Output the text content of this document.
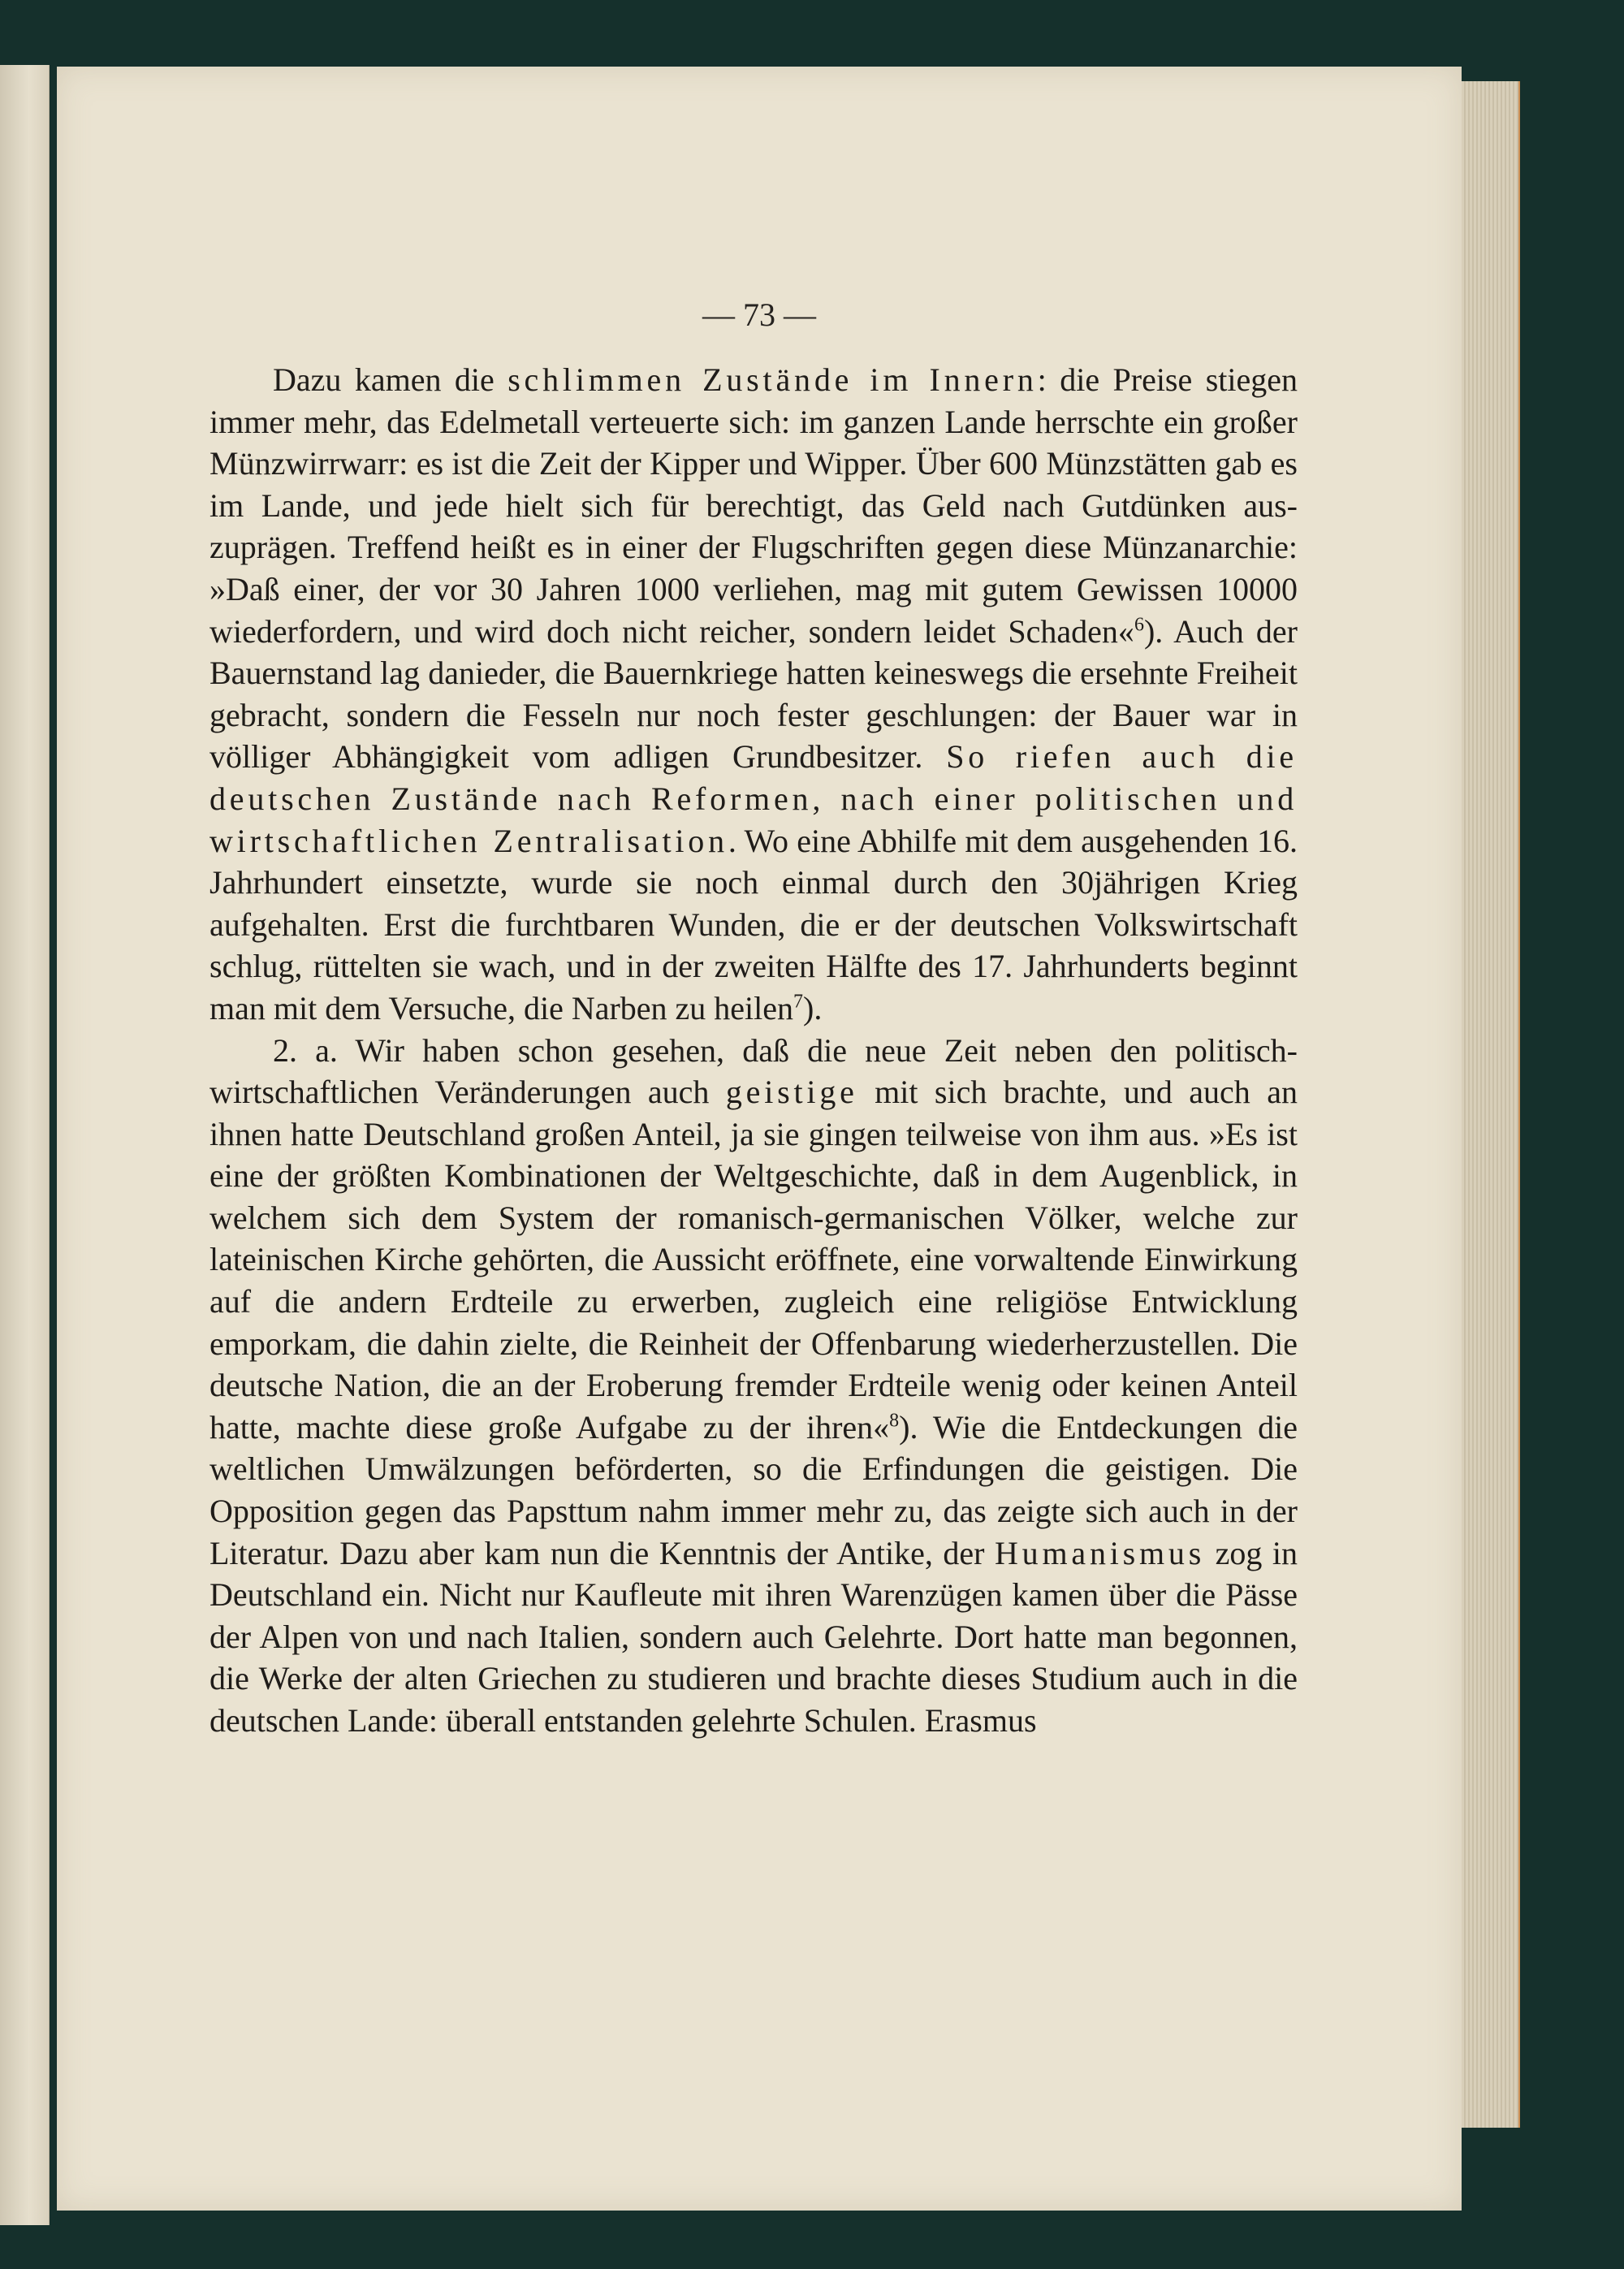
— 73 —

Dazu kamen die schlimmen Zustände im Innern: die Preise stiegen immer mehr, das Edelmetall verteuerte sich: im ganzen Lande herrschte ein großer Münzwirrwarr: es ist die Zeit der Kipper und Wipper. Über 600 Münzstätten gab es im Lande, und jede hielt sich für berechtigt, das Geld nach Gutdünken auszuprägen. Treffend heißt es in einer der Flugschriften gegen diese Münzanarchie: »Daß einer, der vor 30 Jahren 1000 verliehen, mag mit gutem Gewissen 10000 wiederfordern, und wird doch nicht reicher, sondern leidet Schaden«$^6$). Auch der Bauernstand lag danieder, die Bauernkriege hatten keineswegs die ersehnte Freiheit gebracht, sondern die Fesseln nur noch fester geschlungen: der Bauer war in völliger Abhängigkeit vom adligen Grundbesitzer. So riefen auch die deutschen Zustände nach Reformen, nach einer politischen und wirtschaftlichen Zentralisation. Wo eine Abhilfe mit dem ausgehenden 16. Jahrhundert einsetzte, wurde sie noch einmal durch den 30jährigen Krieg aufgehalten. Erst die furchtbaren Wunden, die er der deutschen Volkswirtschaft schlug, rüttelten sie wach, und in der zweiten Hälfte des 17. Jahrhunderts beginnt man mit dem Versuche, die Narben zu heilen$^7$).

2. a. Wir haben schon gesehen, daß die neue Zeit neben den politisch-wirtschaftlichen Veränderungen auch geistige mit sich brachte, und auch an ihnen hatte Deutschland großen Anteil, ja sie gingen teilweise von ihm aus. »Es ist eine der größten Kombinationen der Weltgeschichte, daß in dem Augenblick, in welchem sich dem System der romanisch-germanischen Völker, welche zur lateinischen Kirche gehörten, die Aussicht eröffnete, eine vorwaltende Einwirkung auf die andern Erdteile zu erwerben, zugleich eine religiöse Entwicklung emporkam, die dahin zielte, die Reinheit der Offenbarung wiederherzustellen. Die deutsche Nation, die an der Eroberung fremder Erdteile wenig oder keinen Anteil hatte, machte diese große Aufgabe zu der ihren«$^8$). Wie die Entdeckungen die weltlichen Umwälzungen beförderten, so die Erfindungen die geistigen. Die Opposition gegen das Papsttum nahm immer mehr zu, das zeigte sich auch in der Literatur. Dazu aber kam nun die Kenntnis der Antike, der Humanismus zog in Deutschland ein. Nicht nur Kaufleute mit ihren Warenzügen kamen über die Pässe der Alpen von und nach Italien, sondern auch Gelehrte. Dort hatte man begonnen, die Werke der alten Griechen zu studieren und brachte dieses Studium auch in die deutschen Lande: überall entstanden gelehrte Schulen. Erasmus
